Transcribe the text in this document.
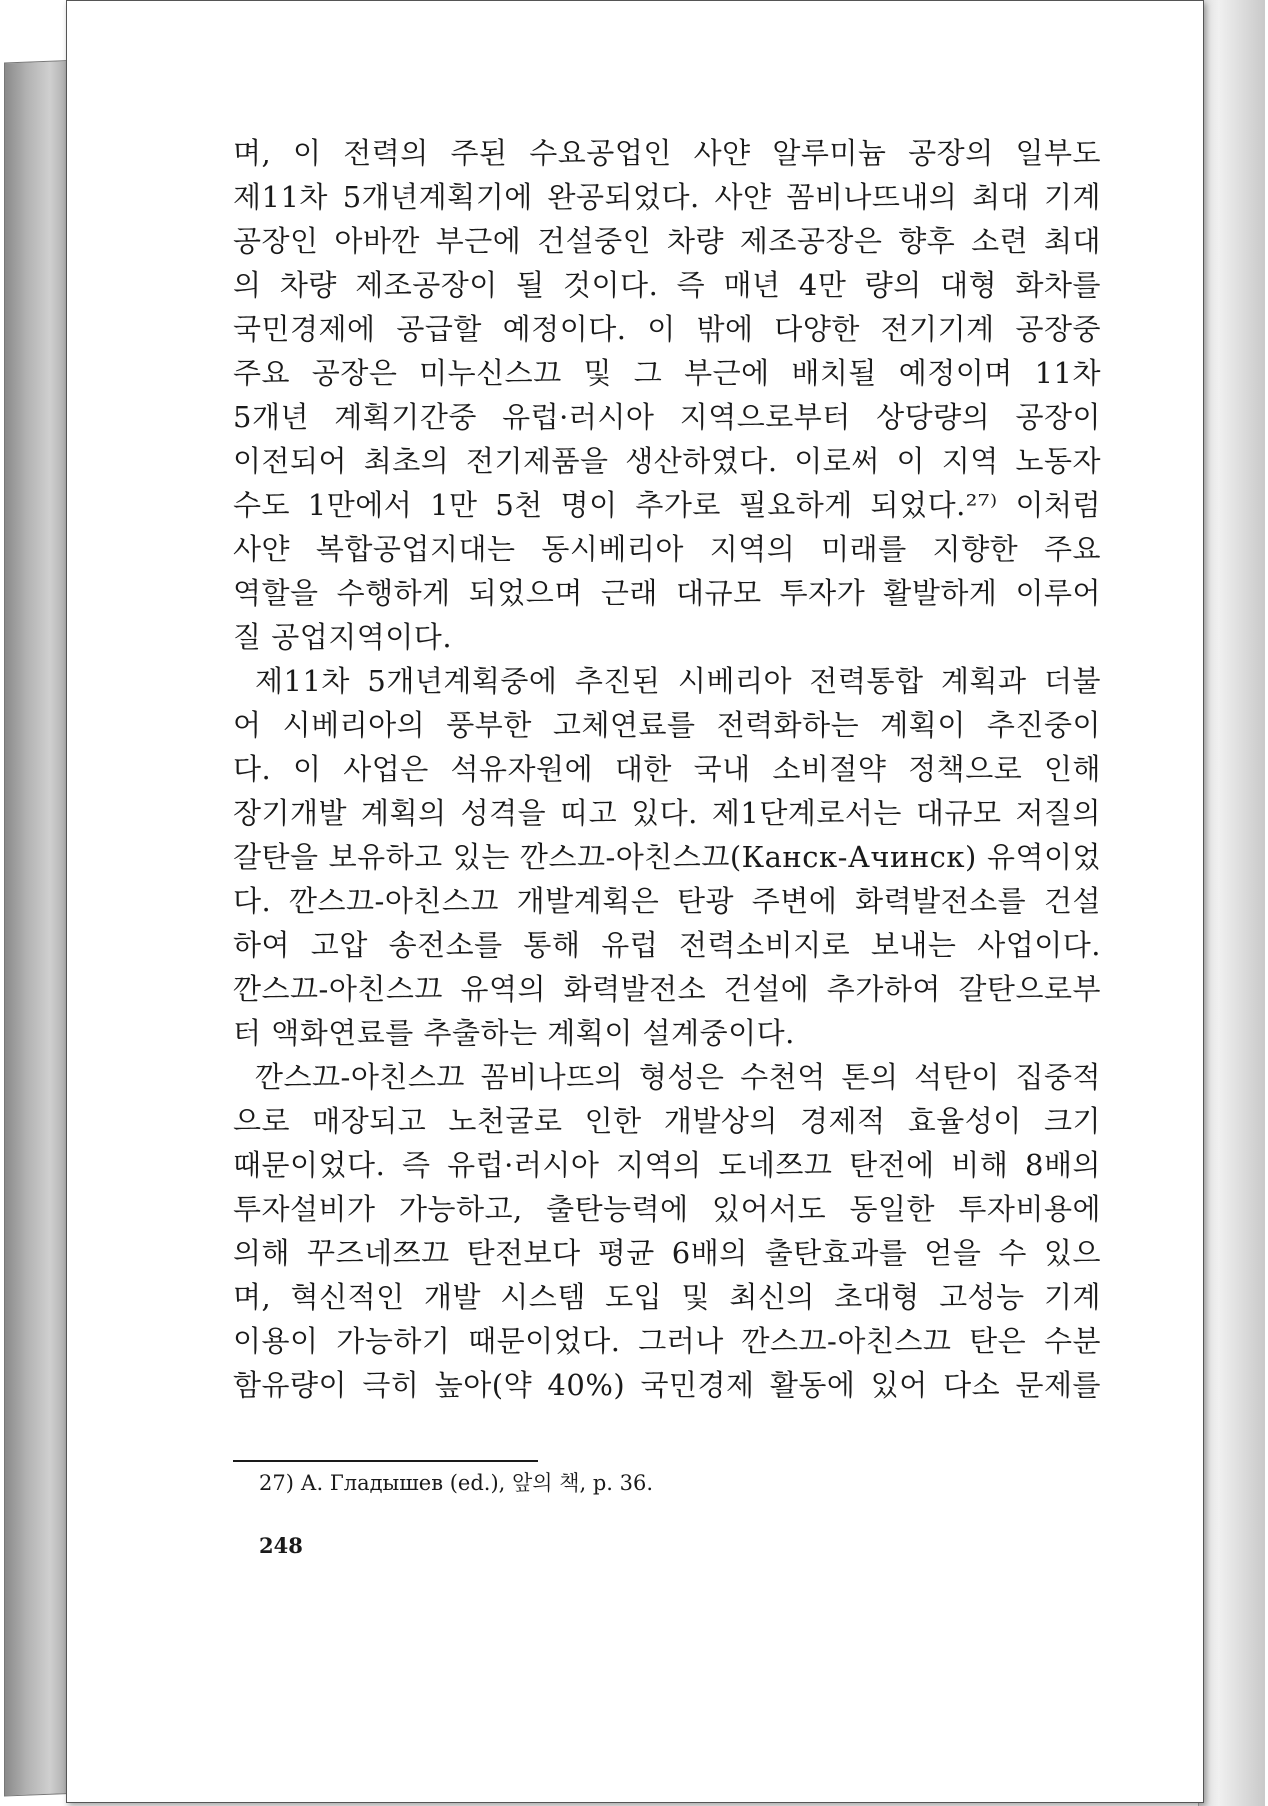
며, 이 전력의 주된 수요공업인 사얀 알루미늄 공장의 일부도
제11차 5개년계획기에 완공되었다. 사얀 꼼비나뜨내의 최대 기계
공장인 아바깐 부근에 건설중인 차량 제조공장은 향후 소련 최대
의 차량 제조공장이 될 것이다. 즉 매년 4만 량의 대형 화차를
국민경제에 공급할 예정이다. 이 밖에 다양한 전기기계 공장중
주요 공장은 미누신스끄 및 그 부근에 배치될 예정이며 11차
5개년 계획기간중 유럽·러시아 지역으로부터 상당량의 공장이
이전되어 최초의 전기제품을 생산하였다. 이로써 이 지역 노동자
수도 1만에서 1만 5천 명이 추가로 필요하게 되었다.²⁷⁾ 이처럼
사얀 복합공업지대는 동시베리아 지역의 미래를 지향한 주요
역할을 수행하게 되었으며 근래 대규모 투자가 활발하게 이루어
질 공업지역이다.
제11차 5개년계획중에 추진된 시베리아 전력통합 계획과 더불
어 시베리아의 풍부한 고체연료를 전력화하는 계획이 추진중이
다. 이 사업은 석유자원에 대한 국내 소비절약 정책으로 인해
장기개발 계획의 성격을 띠고 있다. 제1단계로서는 대규모 저질의
갈탄을 보유하고 있는 깐스끄-아친스끄(Канск-Ачинск) 유역이었
다. 깐스끄-아친스끄 개발계획은 탄광 주변에 화력발전소를 건설
하여 고압 송전소를 통해 유럽 전력소비지로 보내는 사업이다.
깐스끄-아친스끄 유역의 화력발전소 건설에 추가하여 갈탄으로부
터 액화연료를 추출하는 계획이 설계중이다.
깐스끄-아친스끄 꼼비나뜨의 형성은 수천억 톤의 석탄이 집중적
으로 매장되고 노천굴로 인한 개발상의 경제적 효율성이 크기
때문이었다. 즉 유럽·러시아 지역의 도네쯔끄 탄전에 비해 8배의
투자설비가 가능하고, 출탄능력에 있어서도 동일한 투자비용에
의해 꾸즈네쯔끄 탄전보다 평균 6배의 출탄효과를 얻을 수 있으
며, 혁신적인 개발 시스템 도입 및 최신의 초대형 고성능 기계
이용이 가능하기 때문이었다. 그러나 깐스끄-아친스끄 탄은 수분
함유량이 극히 높아(약 40%) 국민경제 활동에 있어 다소 문제를
27) А. Гладышев (ed.), 앞의 책, p. 36.
248
